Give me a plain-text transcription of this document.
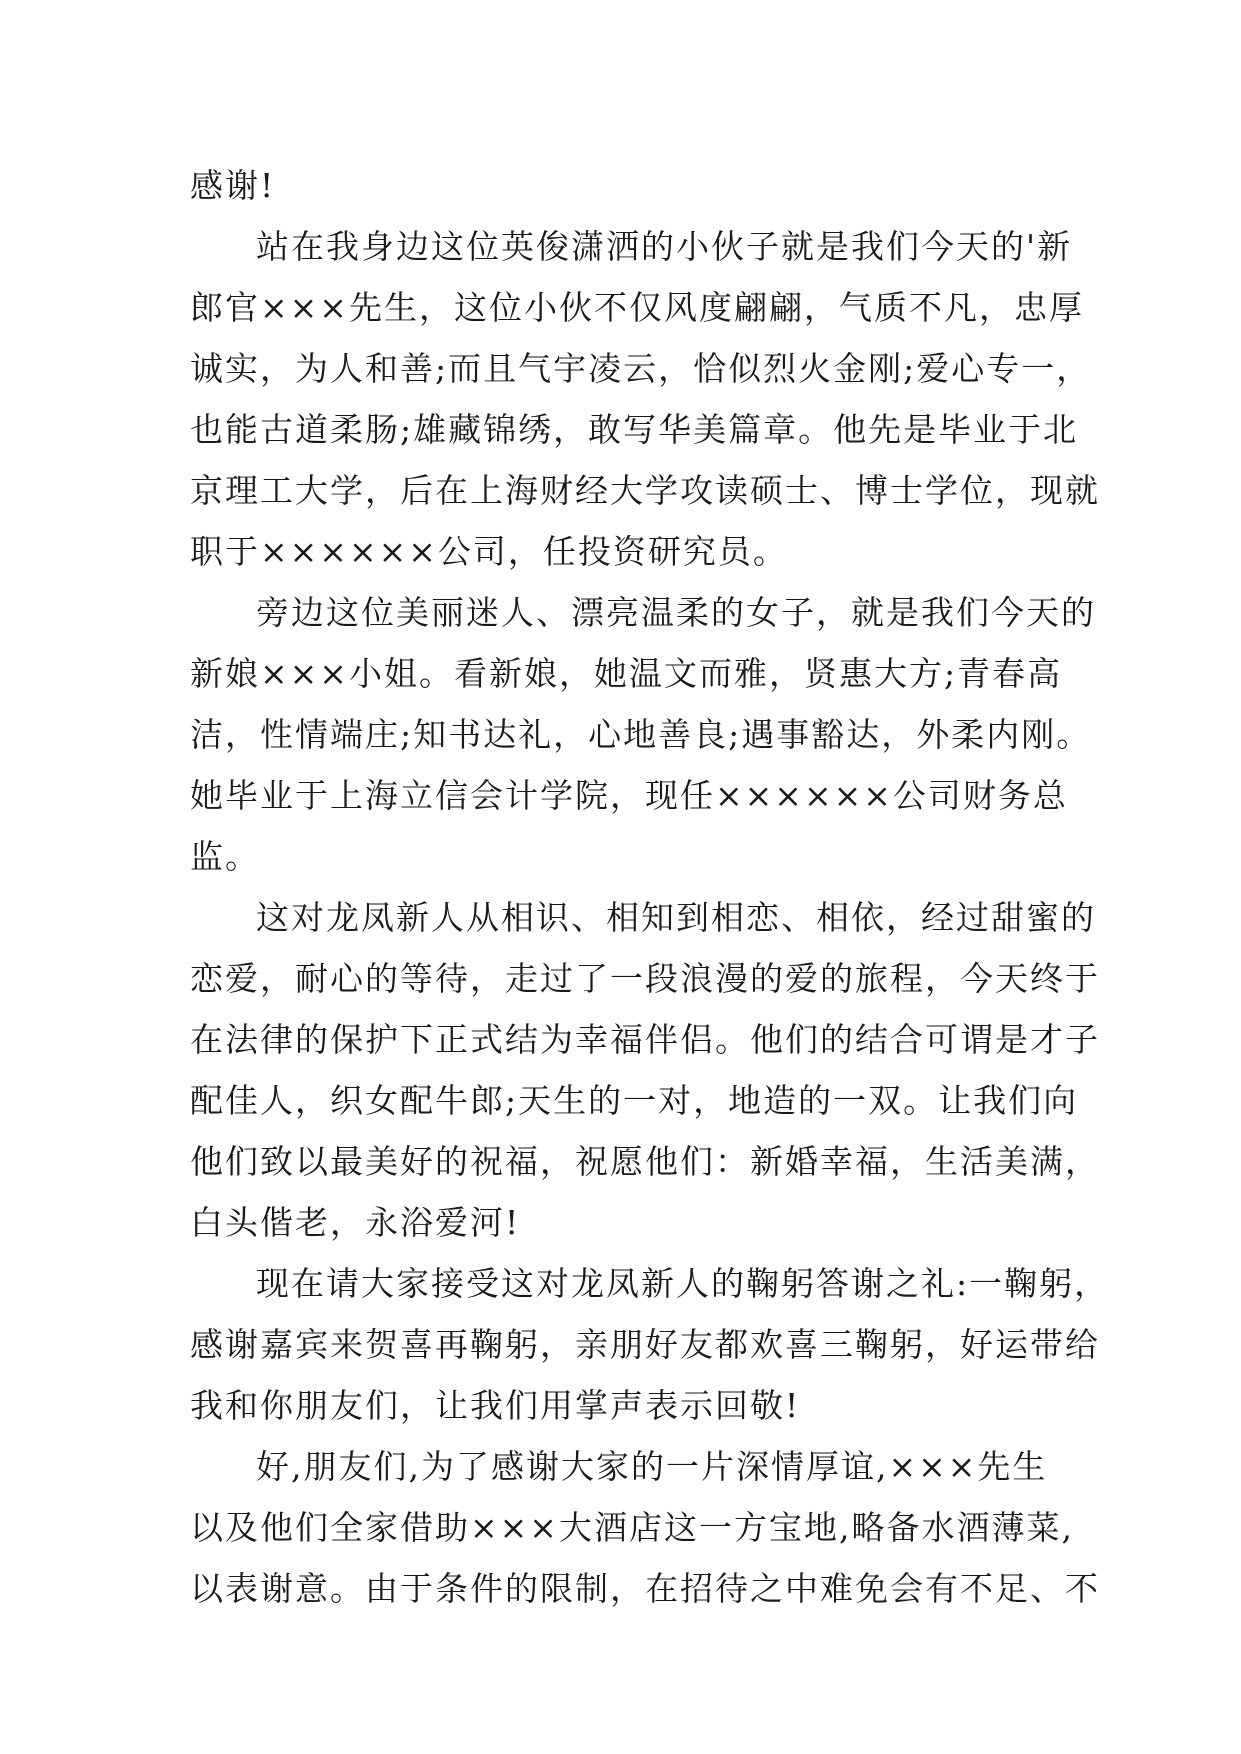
感谢!
站在我身边这位英俊潇洒的小伙子就是我们今天的'新
郎官×××先生，这位小伙不仅风度翩翩，气质不凡，忠厚
诚实，为人和善;而且气宇凌云，恰似烈火金刚;爱心专一，
也能古道柔肠;雄藏锦绣，敢写华美篇章。他先是毕业于北
京理工大学，后在上海财经大学攻读硕士、博士学位，现就
职于××××××公司，任投资研究员。
旁边这位美丽迷人、漂亮温柔的女子，就是我们今天的
新娘×××小姐。看新娘，她温文而雅，贤惠大方;青春高
洁，性情端庄;知书达礼，心地善良;遇事豁达，外柔内刚。
她毕业于上海立信会计学院，现任××××××公司财务总
监。
这对龙凤新人从相识、相知到相恋、相依，经过甜蜜的
恋爱，耐心的等待，走过了一段浪漫的爱的旅程，今天终于
在法律的保护下正式结为幸福伴侣。他们的结合可谓是才子
配佳人，织女配牛郎;天生的一对，地造的一双。让我们向
他们致以最美好的祝福，祝愿他们：新婚幸福，生活美满，
白头偕老，永浴爱河!
现在请大家接受这对龙凤新人的鞠躬答谢之礼:一鞠躬，
感谢嘉宾来贺喜再鞠躬，亲朋好友都欢喜三鞠躬，好运带给
我和你朋友们，让我们用掌声表示回敬!
好,朋友们,为了感谢大家的一片深情厚谊,×××先生
以及他们全家借助×××大酒店这一方宝地,略备水酒薄菜,
以表谢意。由于条件的限制，在招待之中难免会有不足、不
